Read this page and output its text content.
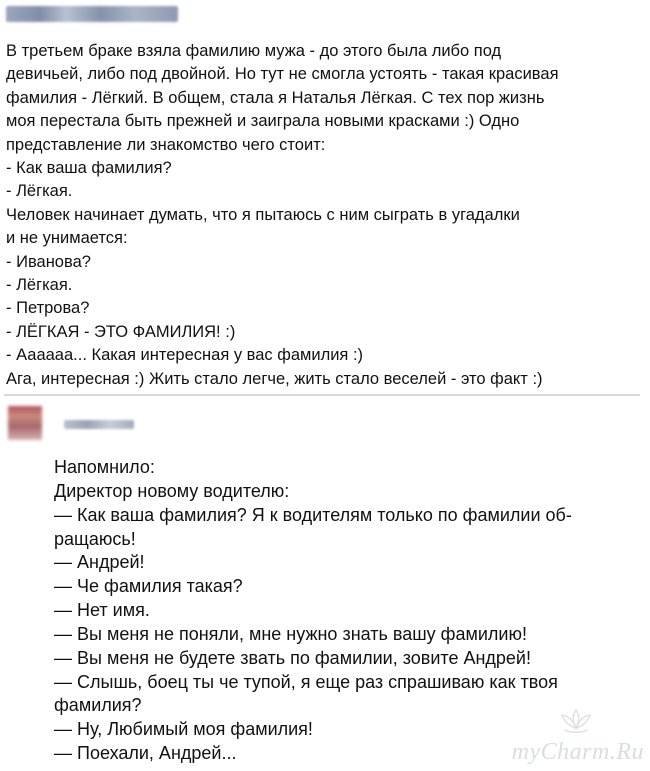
В третьем браке взяла фамилию мужа - до этого была либо под
девичьей, либо под двойной. Но тут не смогла устоять - такая красивая
фамилия - Лёгкий. В общем, стала я Наталья Лёгкая. С тех пор жизнь
моя перестала быть прежней и заиграла новыми красками :) Одно
представление ли знакомство чего стоит:
- Как ваша фамилия?
- Лёгкая.
Человек начинает думать, что я пытаюсь с ним сыграть в угадалки
и не унимается:
- Иванова?
- Лёгкая.
- Петрова?
- ЛЁГКАЯ - ЭТО ФАМИЛИЯ! :)
- Аааааа... Какая интересная у вас фамилия :)
Ага, интересная :) Жить стало легче, жить стало веселей - это факт :)
Напомнило:
Директор новому водителю:
— Как ваша фамилия? Я к водителям только по фамилии об-
ращаюсь!
— Андрей!
— Че фамилия такая?
— Нет имя.
— Вы меня не поняли, мне нужно знать вашу фамилию!
— Вы меня не будете звать по фамилии, зовите Андрей!
— Слышь, боец ты че тупой, я еще раз спрашиваю как твоя
фамилия?
— Ну, Любимый моя фамилия!
— Поехали, Андрей...	myCharm.Ru
